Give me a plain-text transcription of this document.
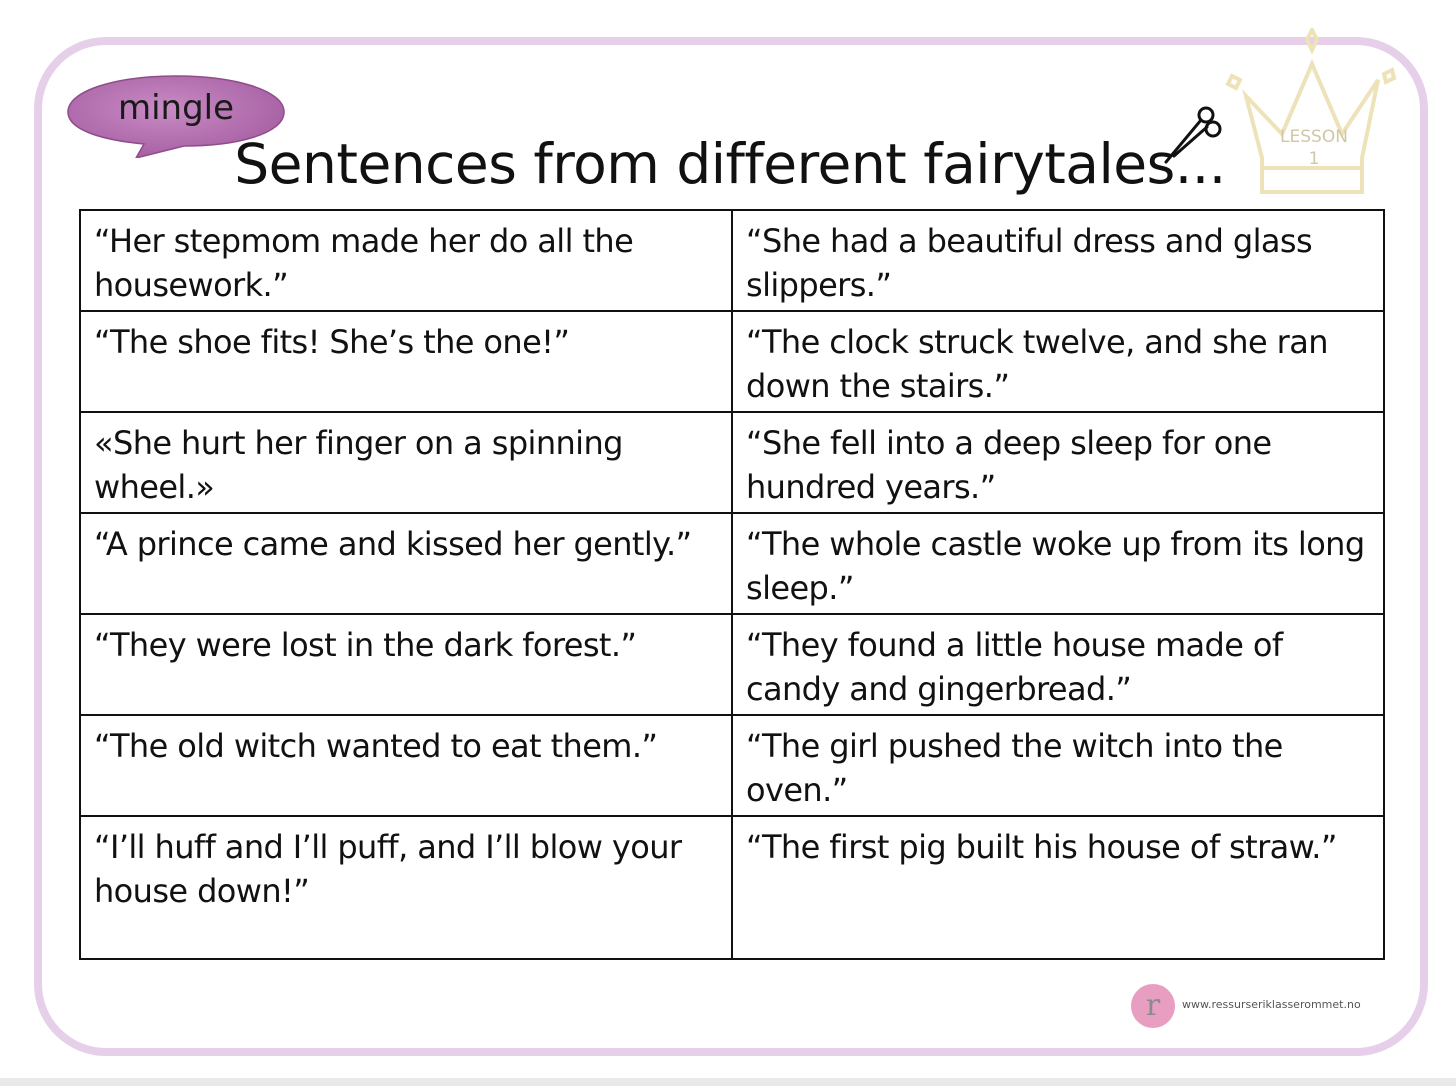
mingle
Sentences from different fairytales...	LESSON
1
“Her stepmom made her do all the housework.”	“She had a beautiful dress and glass slippers.”
“The shoe fits! She’s the one!”	“The clock struck twelve, and she ran down the stairs.”
«She hurt her finger on a spinning wheel.»	“She fell into a deep sleep for one hundred years.”
“A prince came and kissed her gently.”	“The whole castle woke up from its long sleep.”
“They were lost in the dark forest.”	“They found a little house made of candy and gingerbread.”
“The old witch wanted to eat them.”	“The girl pushed the witch into the oven.”
“I’ll huff and I’ll puff, and I’ll blow your house down!”	“The first pig built his house of straw.”
r	www.ressurseriklasserommet.no
